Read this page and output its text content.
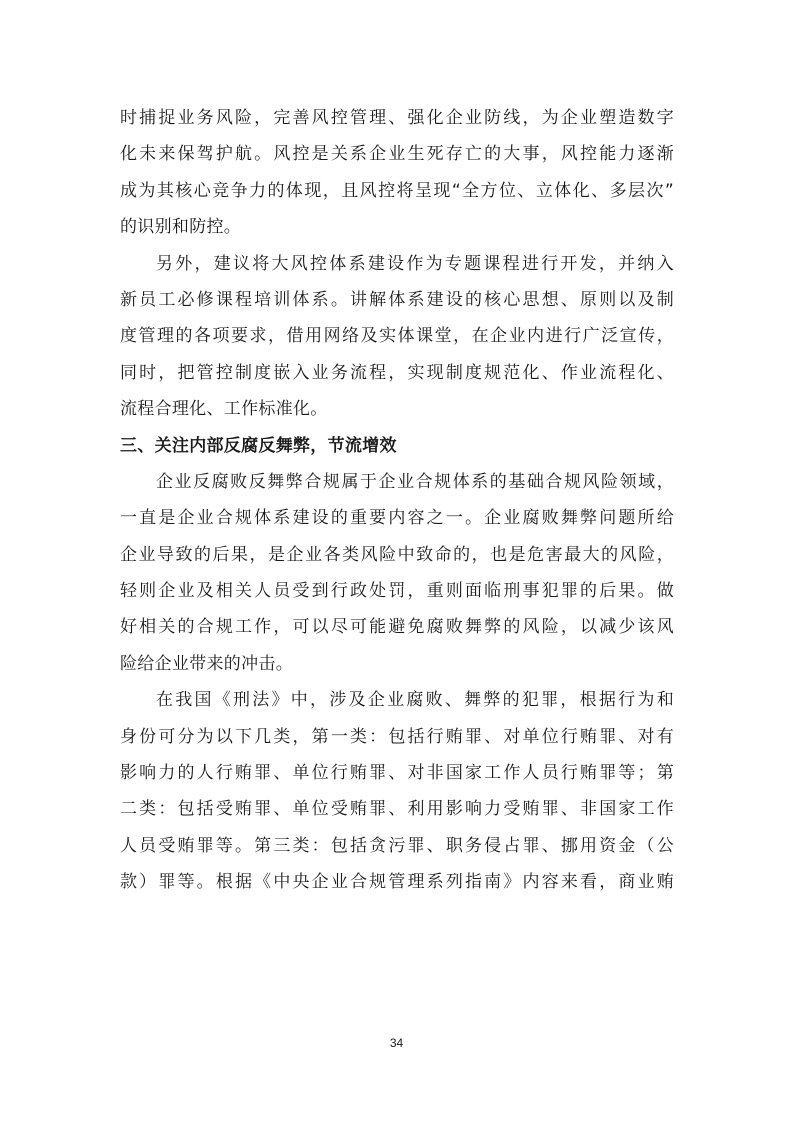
时捕捉业务风险，完善风控管理、强化企业防线，为企业塑造数字
化未来保驾护航。风控是关系企业生死存亡的大事，风控能力逐渐
成为其核心竞争力的体现，且风控将呈现“全方位、立体化、多层次”
的识别和防控。
另外，建议将大风控体系建设作为专题课程进行开发，并纳入
新员工必修课程培训体系。讲解体系建设的核心思想、原则以及制
度管理的各项要求，借用网络及实体课堂，在企业内进行广泛宣传，
同时，把管控制度嵌入业务流程，实现制度规范化、作业流程化、
流程合理化、工作标准化。
三、关注内部反腐反舞弊，节流增效
企业反腐败反舞弊合规属于企业合规体系的基础合规风险领域，
一直是企业合规体系建设的重要内容之一。企业腐败舞弊问题所给
企业导致的后果，是企业各类风险中致命的，也是危害最大的风险，
轻则企业及相关人员受到行政处罚，重则面临刑事犯罪的后果。做
好相关的合规工作，可以尽可能避免腐败舞弊的风险，以减少该风
险给企业带来的冲击。
在我国《刑法》中，涉及企业腐败、舞弊的犯罪，根据行为和
身份可分为以下几类，第一类：包括行贿罪、对单位行贿罪、对有
影响力的人行贿罪、单位行贿罪、对非国家工作人员行贿罪等；第
二类：包括受贿罪、单位受贿罪、利用影响力受贿罪、非国家工作
人员受贿罪等。第三类：包括贪污罪、职务侵占罪、挪用资金（公
款）罪等。根据《中央企业合规管理系列指南》内容来看，商业贿
34
